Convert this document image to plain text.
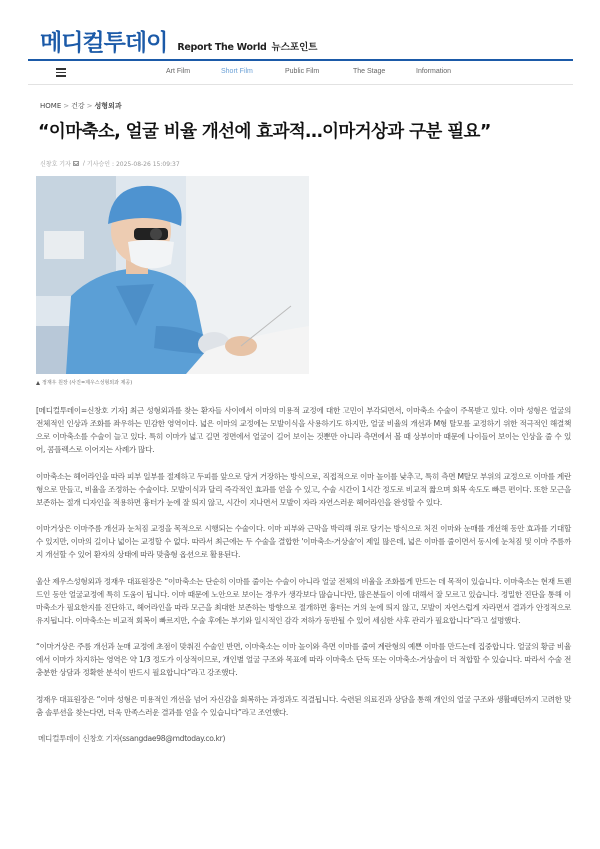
메디컬투데이 Report The World 뉴스포인트
Art Film	Short Film	Public Film	The Stage	Information
HOME > 건강 > 성형외과
“이마축소, 얼굴 비율 개선에 효과적…이마거상과 구분 필요”
신창호 기자 / 기사승인 : 2025-08-26 15:09:37
정재우 원장 (사진=제우스성형외과 제공)

[메디컬투데이=신창호 기자] 최근 성형외과를 찾는 환자들 사이에서 이마의 미용적 교정에 대한 고민이 부각되면서, 이마축소 수술이 주목받고 있다. 이마 성형은 얼굴의 전체적인 인상과 조화를 좌우하는 민감한 영역이다. 넓은 이마의 교정에는 모발이식을 사용하기도 하지만, 얼굴 비율의 개선과 M형 탈모를 교정하기 위한 적극적인 해결책으로 이마축소를 수술이 늘고 있다. 특히 이마가 넓고 길면 정면에서 얼굴이 길어 보이는 것뿐만 아니라 측면에서 볼 때 상부이마 때문에 나이들어 보이는 인상을 줄 수 있어, 콤플렉스로 이어지는 사례가 많다.

이마축소는 헤어라인을 따라 피부 일부를 절제하고 두피를 앞으로 당겨 거장하는 방식으로, 직접적으로 이마 높이를 낮추고, 특히 측면 M탈모 부위의 교정으로 이마를 계란형으로 만들고, 비율을 조정하는 수술이다. 모발이식과 달리 즉각적인 효과를 얻을 수 있고, 수술 시간이 1시간 정도로 비교적 짧으며 회복 속도도 빠른 편이다. 또한 모근을 보존하는 절개 디자인을 적용하면 흉터가 눈에 잘 띄지 않고, 시간이 지나면서 모발이 자라 자연스러운 헤어라인을 완성할 수 있다.

이마거상은 이마주름 개선과 눈처짐 교정을 목적으로 시행되는 수술이다. 이마 피부와 근막을 박리해 위로 당기는 방식으로 처진 이마와 눈매를 개선해 동안 효과를 기대할 수 있지만, 이마의 길이나 넓이는 교정할 수 없다. 따라서 최근에는 두 수술을 결합한 '이마축소-거상술'이 제일 많은데, 넓은 이마를 줄이면서 동시에 눈처짐 및 이마 주름까지 개선할 수 있어 환자의 상태에 따라 맞춤형 옵션으로 활용된다.

울산 제우스성형외과 정재우 대표원장은 “이마축소는 단순히 이마를 줄이는 수술이 아니라 얼굴 전체의 비율을 조화롭게 만드는 데 목적이 있습니다. 이마축소는 현재 트렌드인 동안 얼굴교정에 특히 도움이 됩니다. 이마 때문에 노안으로 보이는 경우가 생각보다 많습니다만, 많은분들이 이에 대해서 잘 모르고 있습니다. 정밀한 진단을 통해 이마축소가 필요한지를 진단하고, 헤어라인을 따라 모근을 최대한 보존하는 방향으로 절개하면 흉터는 거의 눈에 띄지 않고, 모발이 자연스럽게 자라면서 결과가 안정적으로 유지됩니다. 이마축소는 비교적 회복이 빠르지만, 수술 후에는 부기와 일시적인 감각 저하가 동반될 수 있어 세심한 사후 관리가 필요합니다”라고 설명했다.

“이마거상은 주름 개선과 눈매 교정에 초점이 맞춰진 수술인 반면, 이마축소는 이마 높이와 측면 이마를 줄여 계란형의 예쁜 이마를 만드는데 집중합니다. 얼굴의 황금 비율에서 이마가 차지하는 영역은 약 1/3 정도가 이상적이므로, 개인별 얼굴 구조와 목표에 따라 이마축소 단독 또는 이마축소-거상술이 더 적합할 수 있습니다. 따라서 수술 전 충분한 상담과 정확한 분석이 반드시 필요합니다”라고 강조했다.

정재우 대표원장은 “이마 성형은 미용적인 개선을 넘어 자신감을 회복하는 과정과도 직결됩니다. 숙련된 의료진과 상담을 통해 개인의 얼굴 구조와 생활패턴까지 고려한 맞춤 솔루션을 찾는다면, 더욱 만족스러운 결과를 얻을 수 있습니다”라고 조언했다.

메디컬투데이 신창호 기자(ssangdae98@mdtoday.co.kr)
